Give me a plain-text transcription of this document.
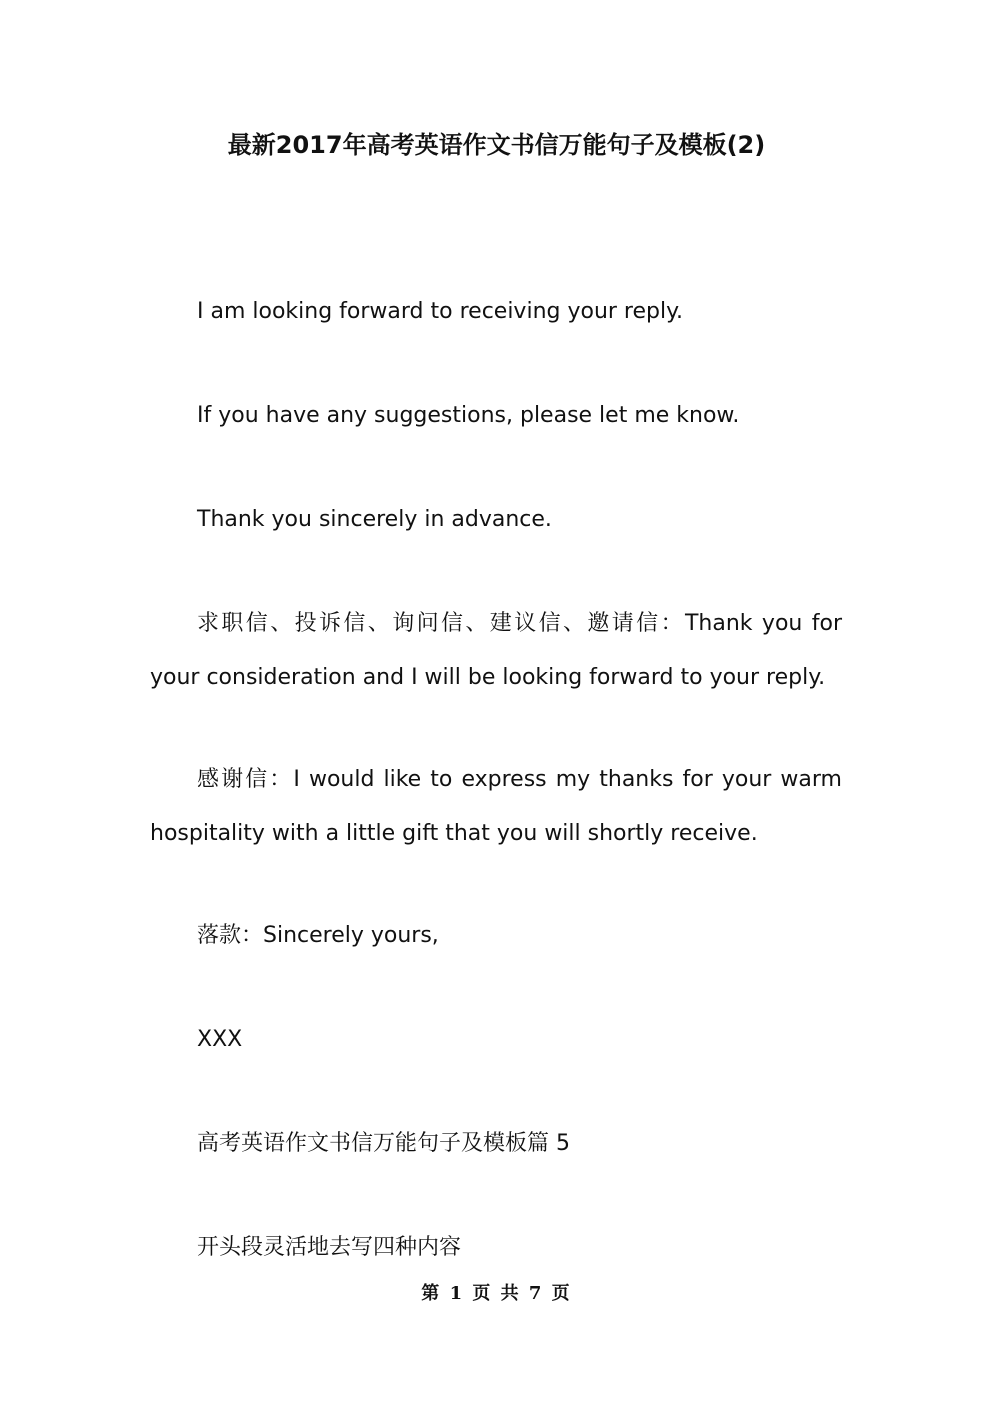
最新2017年高考英语作文书信万能句子及模板(2)

I am looking forward to receiving your reply.

If you have any suggestions, please let me know.

Thank you sincerely in advance.

求职信、投诉信、询问信、建议信、邀请信：Thank you for your consideration and I will be looking forward to your reply.

感谢信：I would like to express my thanks for your warm hospitality with a little gift that you will shortly receive.

落款：Sincerely yours,

XXX

高考英语作文书信万能句子及模板篇 5

开头段灵活地去写四种内容

第 1 页 共 7 页
